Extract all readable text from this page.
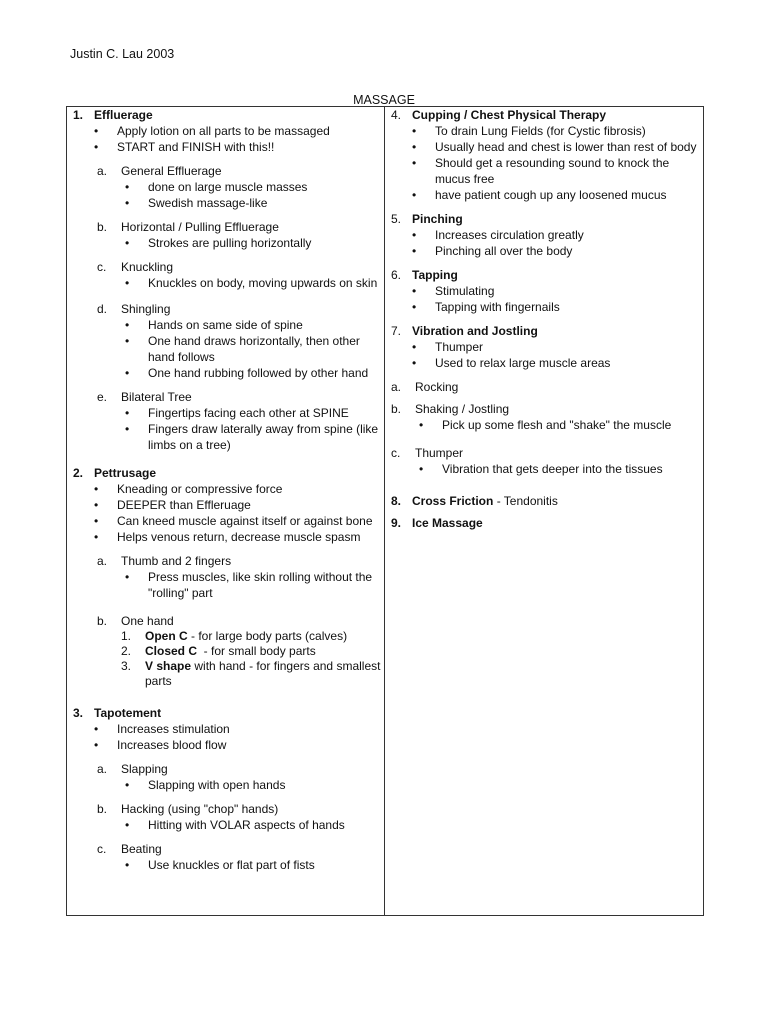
Justin C. Lau 2003
MASSAGE
1. Effluerage
• Apply lotion on all parts to be massaged
• START and FINISH with this!!
a. General Effluerage
• done on large muscle masses
• Swedish massage-like
b. Horizontal / Pulling Effluerage
• Strokes are pulling horizontally
c. Knuckling
• Knuckles on body, moving upwards on skin
d. Shingling
• Hands on same side of spine
• One hand draws horizontally, then other hand follows
• One hand rubbing followed by other hand
e. Bilateral Tree
• Fingertips facing each other at SPINE
• Fingers draw laterally away from spine (like limbs on a tree)
2. Pettrusage
• Kneading or compressive force
• DEEPER than Effleruage
• Can kneed muscle against itself or against bone
• Helps venous return, decrease muscle spasm
a. Thumb and 2 fingers
• Press muscles, like skin rolling without the "rolling" part
b. One hand
1. Open C - for large body parts (calves)
2. Closed C  - for small body parts
3. V shape with hand - for fingers and smallest parts
3. Tapotement
• Increases stimulation
• Increases blood flow
a. Slapping
• Slapping with open hands
b. Hacking (using "chop" hands)
• Hitting with VOLAR aspects of hands
c. Beating
• Use knuckles or flat part of fists

4. Cupping / Chest Physical Therapy
• To drain Lung Fields (for Cystic fibrosis)
• Usually head and chest is lower than rest of body
• Should get a resounding sound to knock the mucus free
• have patient cough up any loosened mucus
5. Pinching
• Increases circulation greatly
• Pinching all over the body
6. Tapping
• Stimulating
• Tapping with fingernails
7. Vibration and Jostling
• Thumper
• Used to relax large muscle areas
a. Rocking
b. Shaking / Jostling
• Pick up some flesh and "shake" the muscle
c. Thumper
• Vibration that gets deeper into the tissues
8. Cross Friction - Tendonitis
9. Ice Massage
